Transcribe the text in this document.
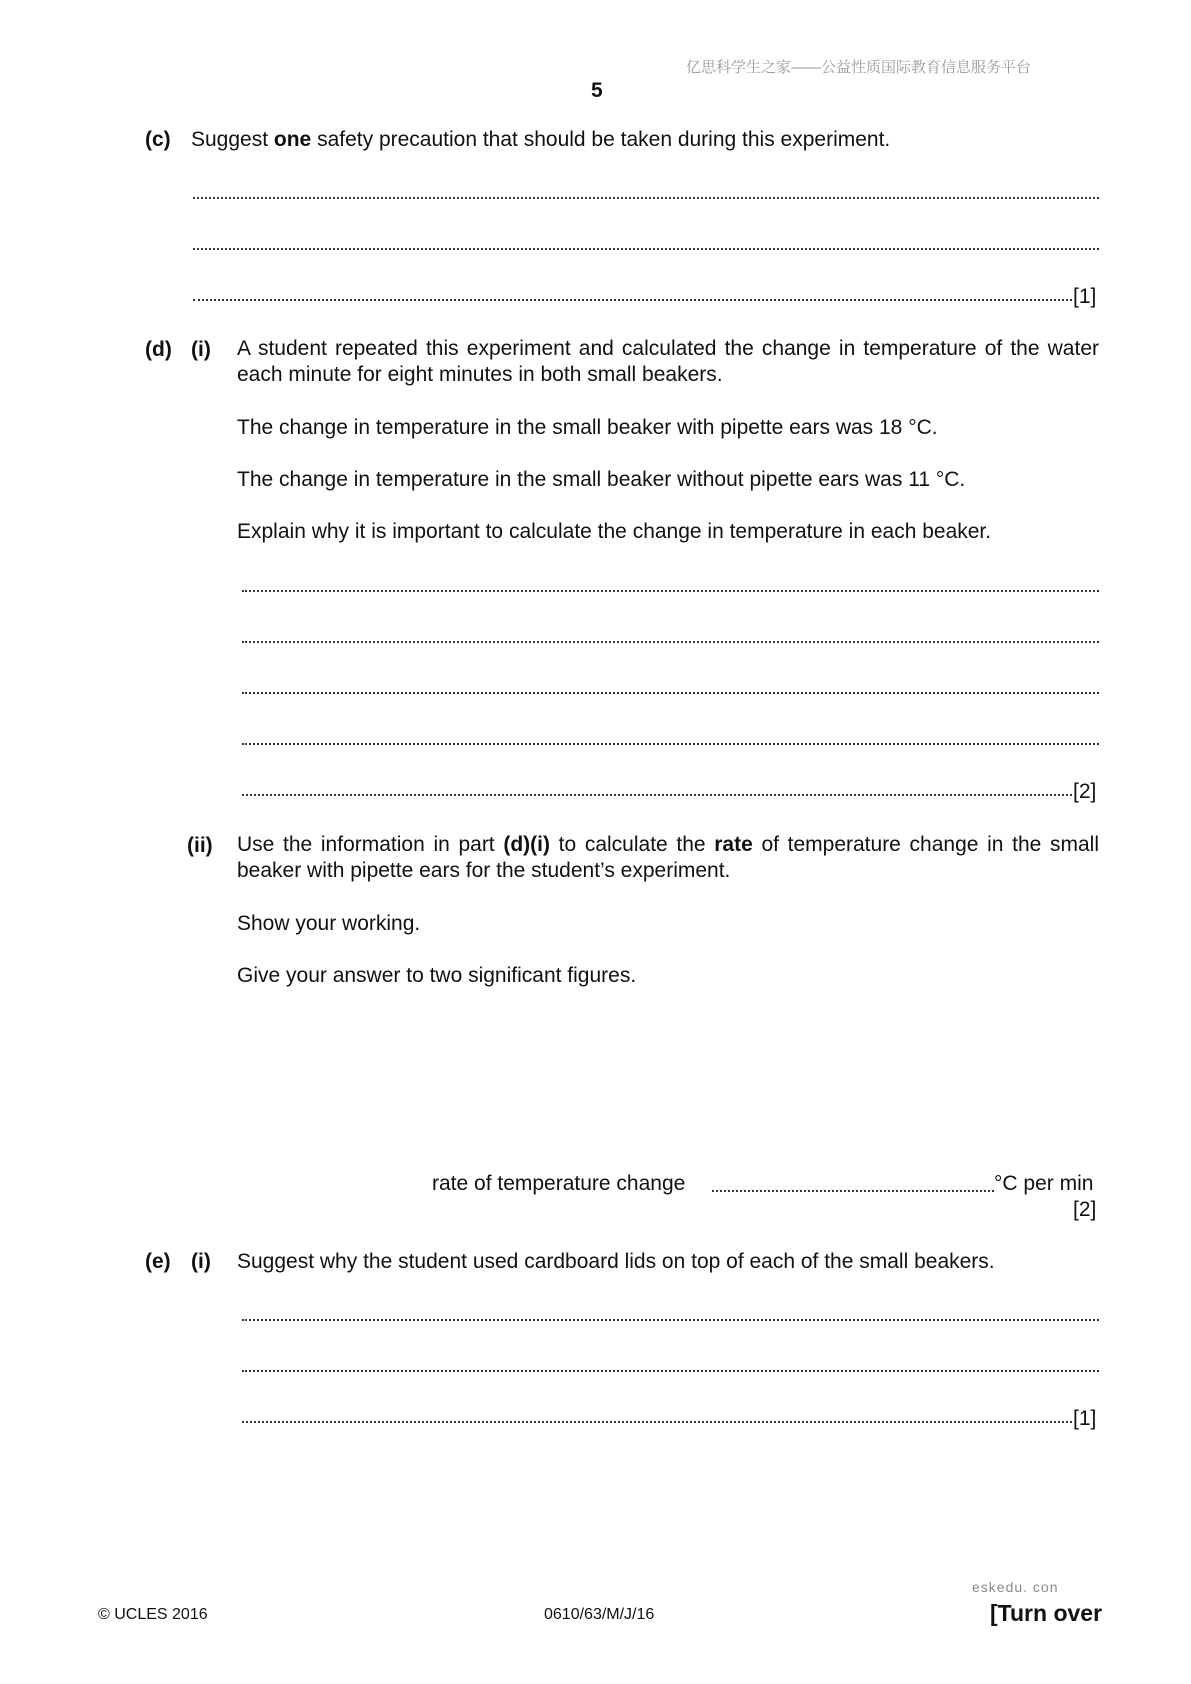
亿思科学生之家——公益性质国际教育信息服务平台
5
(c) Suggest one safety precaution that should be taken during this experiment.
[1]
(d) (i) A student repeated this experiment and calculated the change in temperature of the water each minute for eight minutes in both small beakers.
The change in temperature in the small beaker with pipette ears was 18 °C.
The change in temperature in the small beaker without pipette ears was 11 °C.
Explain why it is important to calculate the change in temperature in each beaker.
[2]
(ii) Use the information in part (d)(i) to calculate the rate of temperature change in the small beaker with pipette ears for the student’s experiment.
Show your working.
Give your answer to two significant figures.
rate of temperature change	°C per min
[2]
(e) (i) Suggest why the student used cardboard lids on top of each of the small beakers.
[1]
eskedu. con
© UCLES 2016	0610/63/M/J/16	[Turn over
